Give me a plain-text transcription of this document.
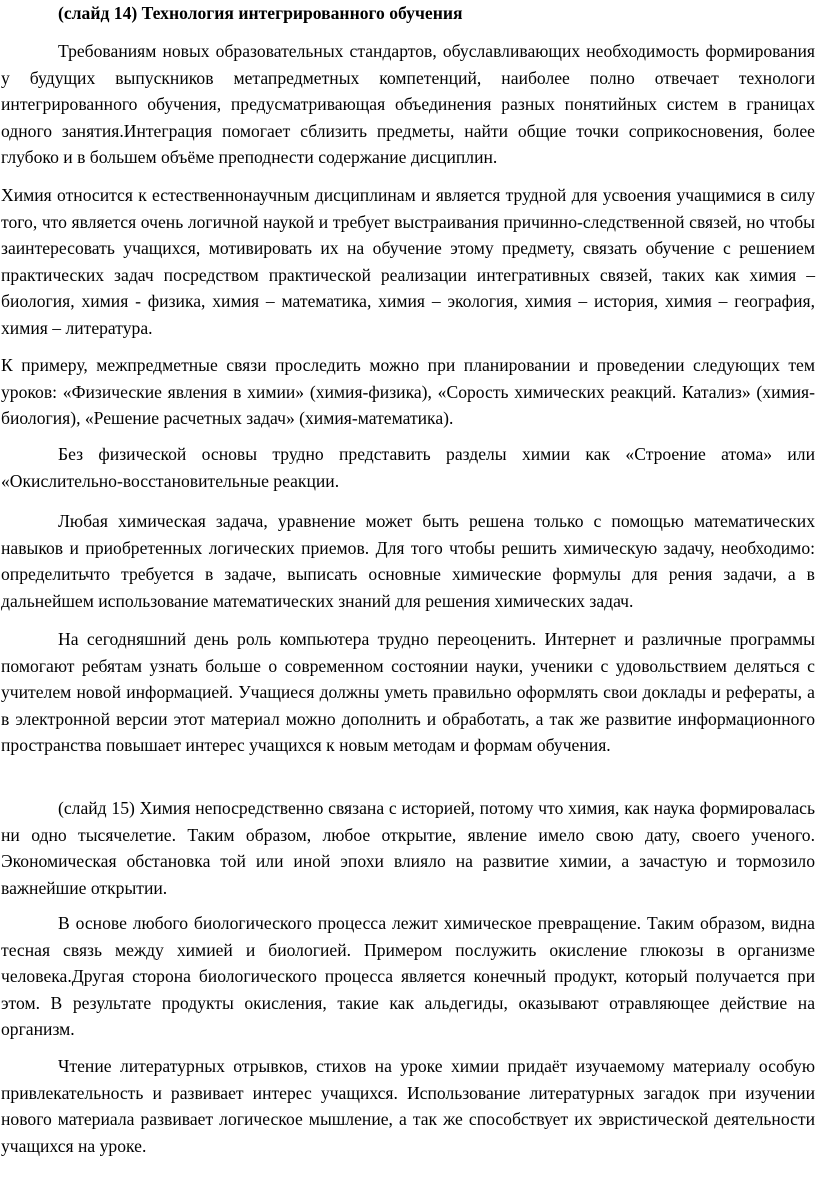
(слайд 14) Технология интегрированного обучения

Требованиям новых образовательных стандартов, обуславливающих необходимость формирования у будущих выпускников метапредметных компетенций, наиболее полно отвечает технологи интегрированного обучения, предусматривающая объединения разных понятийных систем в границах одного занятия.Интеграция помогает сблизить предметы, найти общие точки соприкосновения, более глубоко и в большем объёме преподнести содержание дисциплин.

Химия относится к естественнонаучным дисциплинам и является трудной для усвоения учащимися в силу того, что является очень логичной наукой и требует выстраивания причинно-следственной связей, но чтобы заинтересовать учащихся, мотивировать их на обучение этому предмету, связать обучение с решением практических задач посредством практической реализации интегративных связей, таких как химия –биология, химия - физика, химия – математика, химия – экология, химия – история, химия – география, химия – литература.

К примеру, межпредметные связи проследить можно при планировании и проведении следующих тем уроков: «Физические явления в химии» (химия-физика), «Сорость химических реакций. Катализ» (химия-биология), «Решение расчетных задач» (химия-математика).

Без физической основы трудно представить разделы химии как «Строение атома» или «Окислительно-восстановительные реакции.

Любая химическая задача, уравнение может быть решена только с помощью математических навыков и приобретенных логических приемов. Для того чтобы решить химическую задачу, необходимо: определитьчто требуется в задаче, выписать основные химические формулы для рения задачи, а в дальнейшем использование математических знаний для решения химических задач.

На сегодняшний день роль компьютера трудно переоценить. Интернет и различные программы помогают ребятам узнать больше о современном состоянии науки, ученики с удовольствием деляться с учителем новой информацией. Учащиеся должны уметь правильно оформлять свои доклады и рефераты, а в электронной версии этот материал можно дополнить и обработать, а так же развитие информационного пространства повышает интерес учащихся к новым методам и формам обучения.

(слайд 15) Химия непосредственно связана с историей, потому что химия, как наука формировалась ни одно тысячелетие. Таким образом, любое открытие, явление имело свою дату, своего ученого. Экономическая обстановка той или иной эпохи влияло на развитие химии, а зачастую и тормозило важнейшие открытии.

В основе любого биологического процесса лежит химическое превращение. Таким образом, видна тесная связь между химией и биологией. Примером послужить окисление глюкозы в организме человека.Другая сторона биологического процесса является конечный продукт, который получается при этом. В результате продукты окисления, такие как альдегиды, оказывают отравляющее действие на организм.

Чтение литературных отрывков, стихов на уроке химии придаёт изучаемому материалу особую привлекательность и развивает интерес учащихся. Использование литературных загадок при изучении нового материала развивает логическое мышление, а так же способствует их эвристической деятельности учащихся на уроке.
